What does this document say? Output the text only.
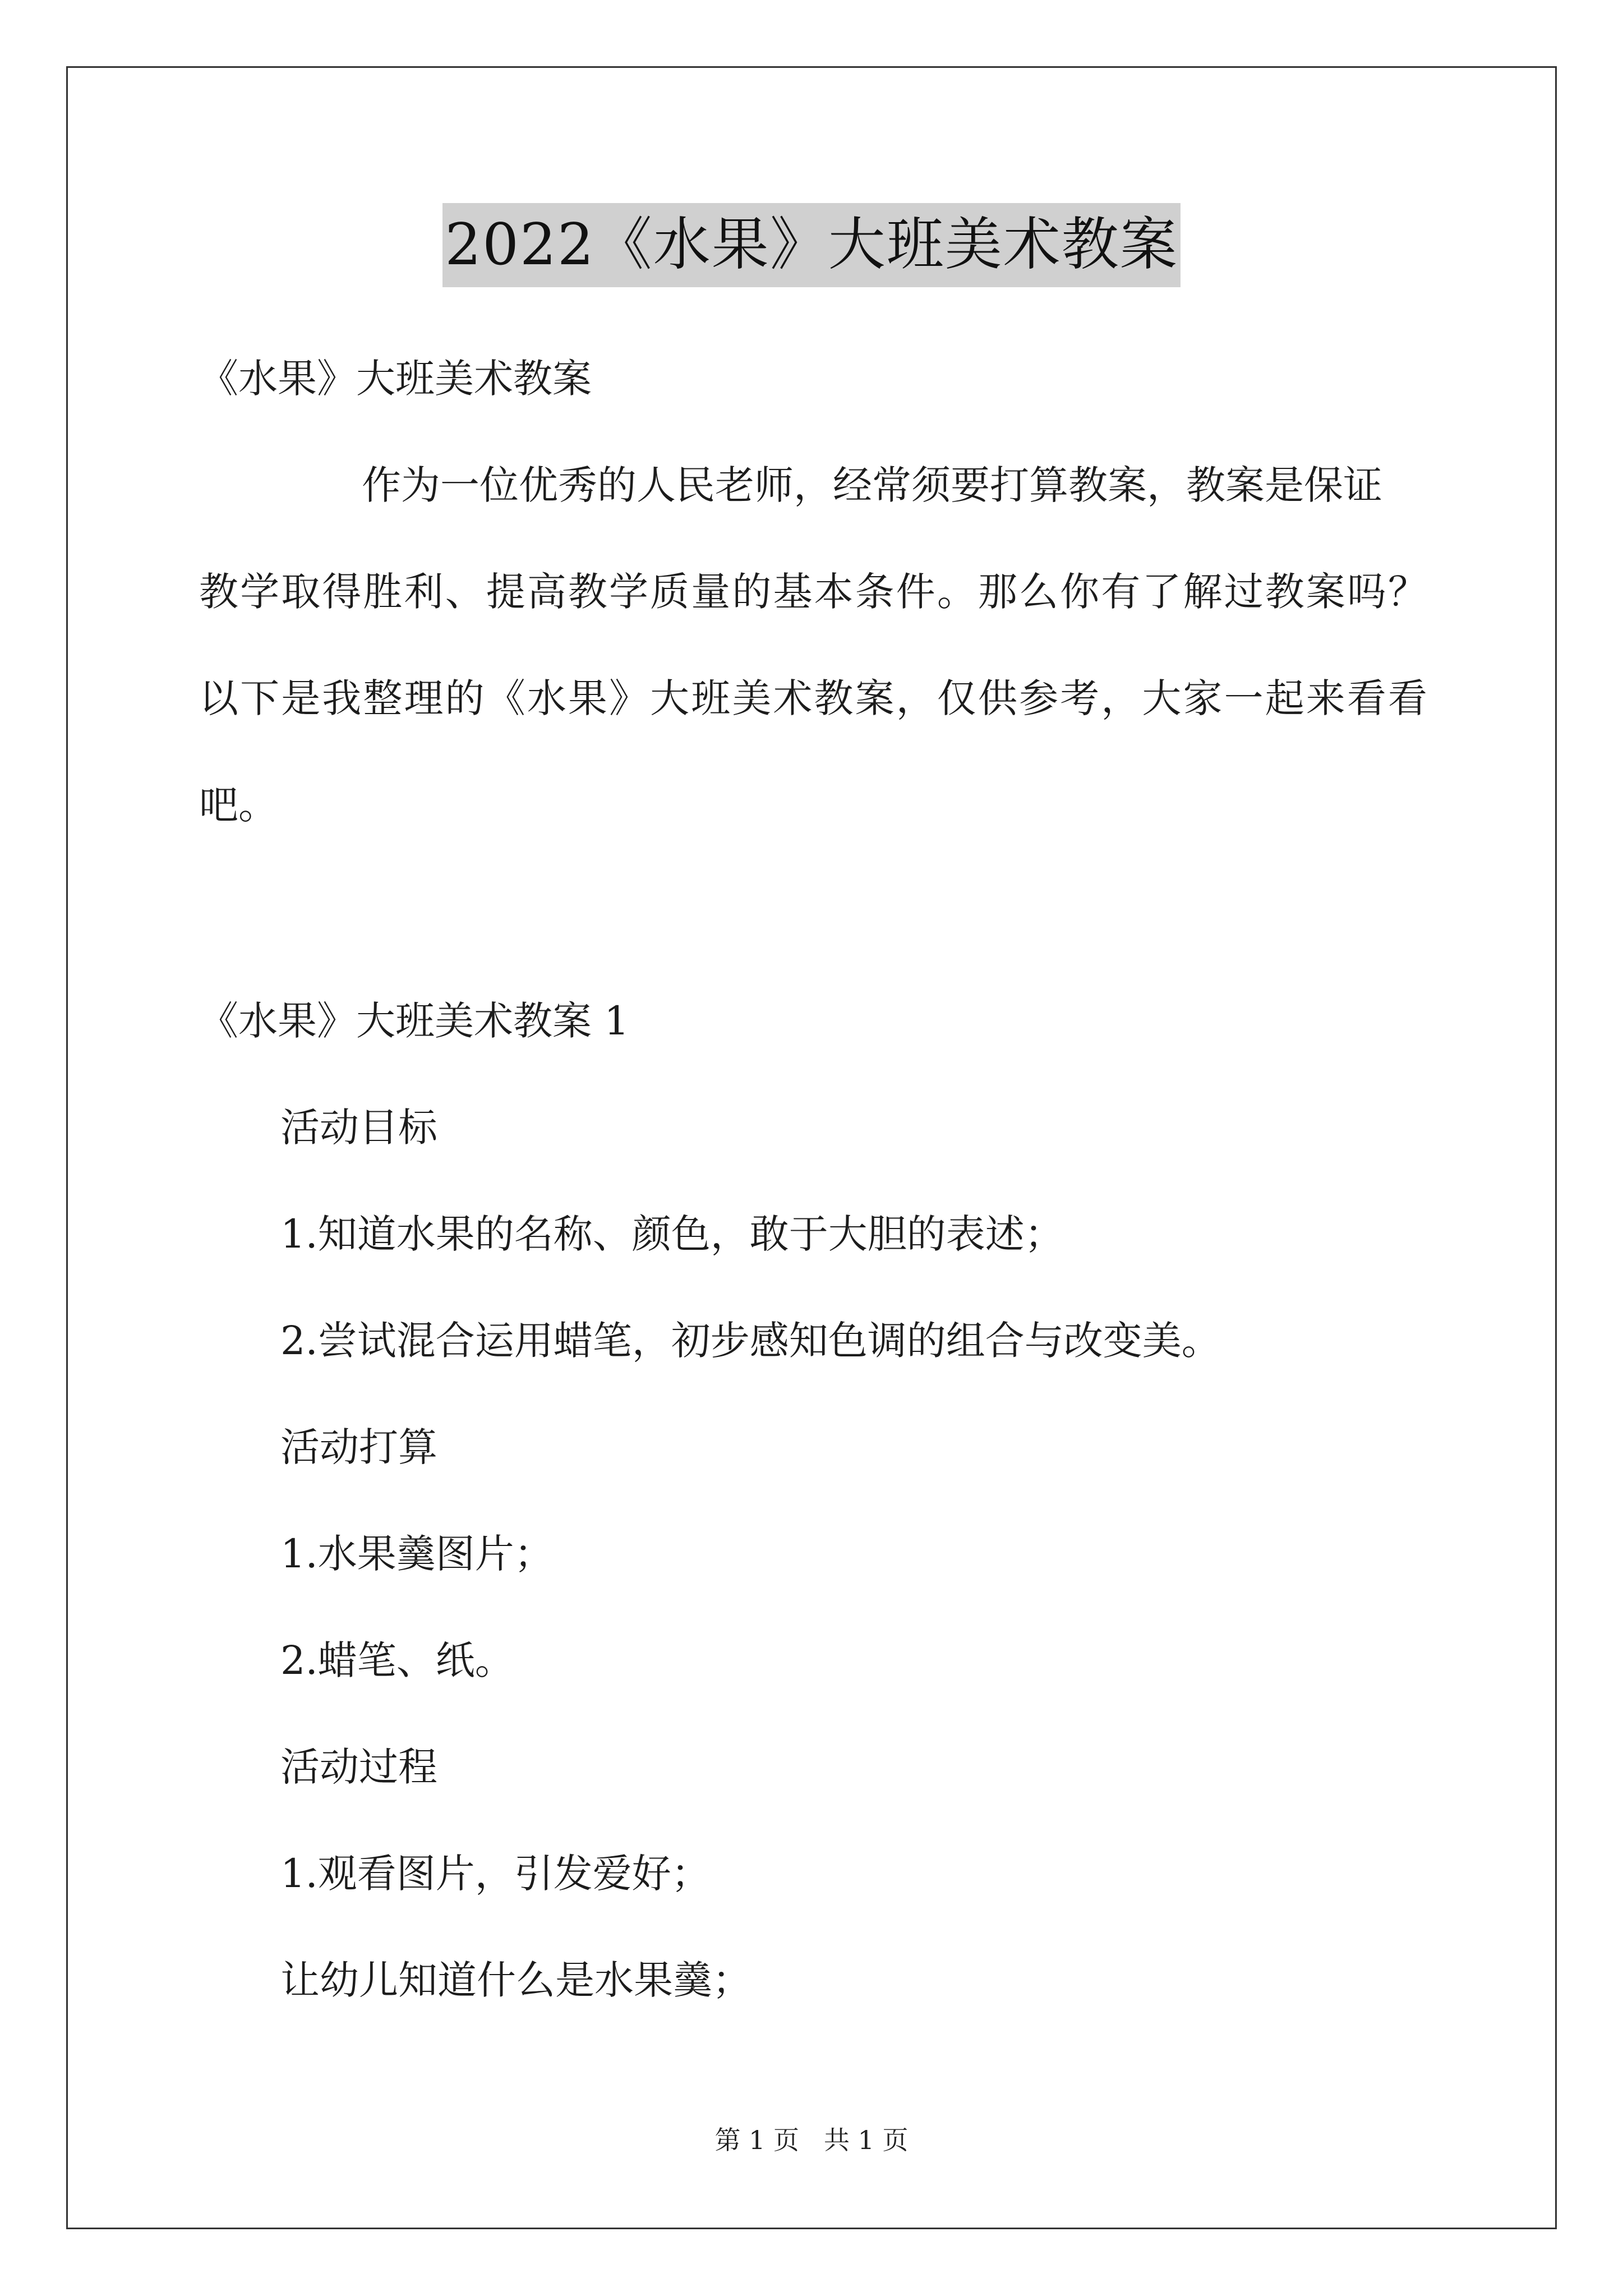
2022《水果》大班美术教案
《水果》大班美术教案
作为一位优秀的人民老师，经常须要打算教案，教案是保证
教学取得胜利、提高教学质量的基本条件。那么你有了解过教案吗？
以下是我整理的《水果》大班美术教案，仅供参考，大家一起来看看
吧。
《水果》大班美术教案 1
活动目标
1.知道水果的名称、颜色，敢于大胆的表述；
2.尝试混合运用蜡笔，初步感知色调的组合与改变美。
活动打算
1.水果羹图片；
2.蜡笔、纸。
活动过程
1.观看图片，引发爱好；
让幼儿知道什么是水果羹；
第 1 页 共 1 页
